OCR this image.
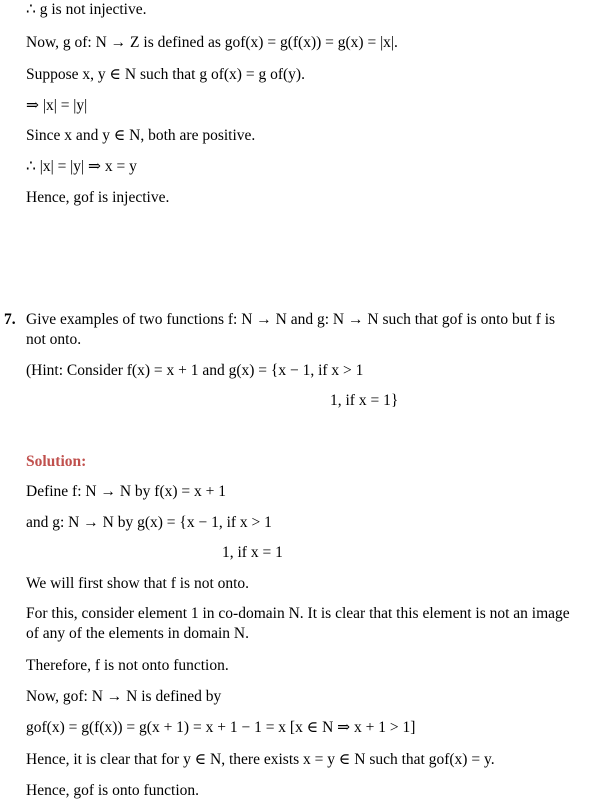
∴ g is not injective.
Now, g of: N → Z is defined as gof(x) = g(f(x)) = g(x) = |x|.
Suppose x, y ∈ N such that g of(x) = g of(y).
⇒ |x| = |y|
Since x and y ∈ N, both are positive.
∴ |x| = |y| ⇒ x = y
Hence, gof is injective.
7. Give examples of two functions f: N → N and g: N → N such that gof is onto but f is
not onto.
(Hint: Consider f(x) = x + 1 and g(x) = {x − 1, if x > 1
1, if x = 1}
Solution:
Define f: N → N by f(x) = x + 1
and g: N → N by g(x) = {x − 1, if x > 1
1, if x = 1
We will first show that f is not onto.
For this, consider element 1 in co-domain N. It is clear that this element is not an image
of any of the elements in domain N.
Therefore, f is not onto function.
Now, gof: N → N is defined by
gof(x) = g(f(x)) = g(x + 1) = x + 1 − 1 = x [x ∈ N ⇒ x + 1 > 1]
Hence, it is clear that for y ∈ N, there exists x = y ∈ N such that gof(x) = y.
Hence, gof is onto function.
